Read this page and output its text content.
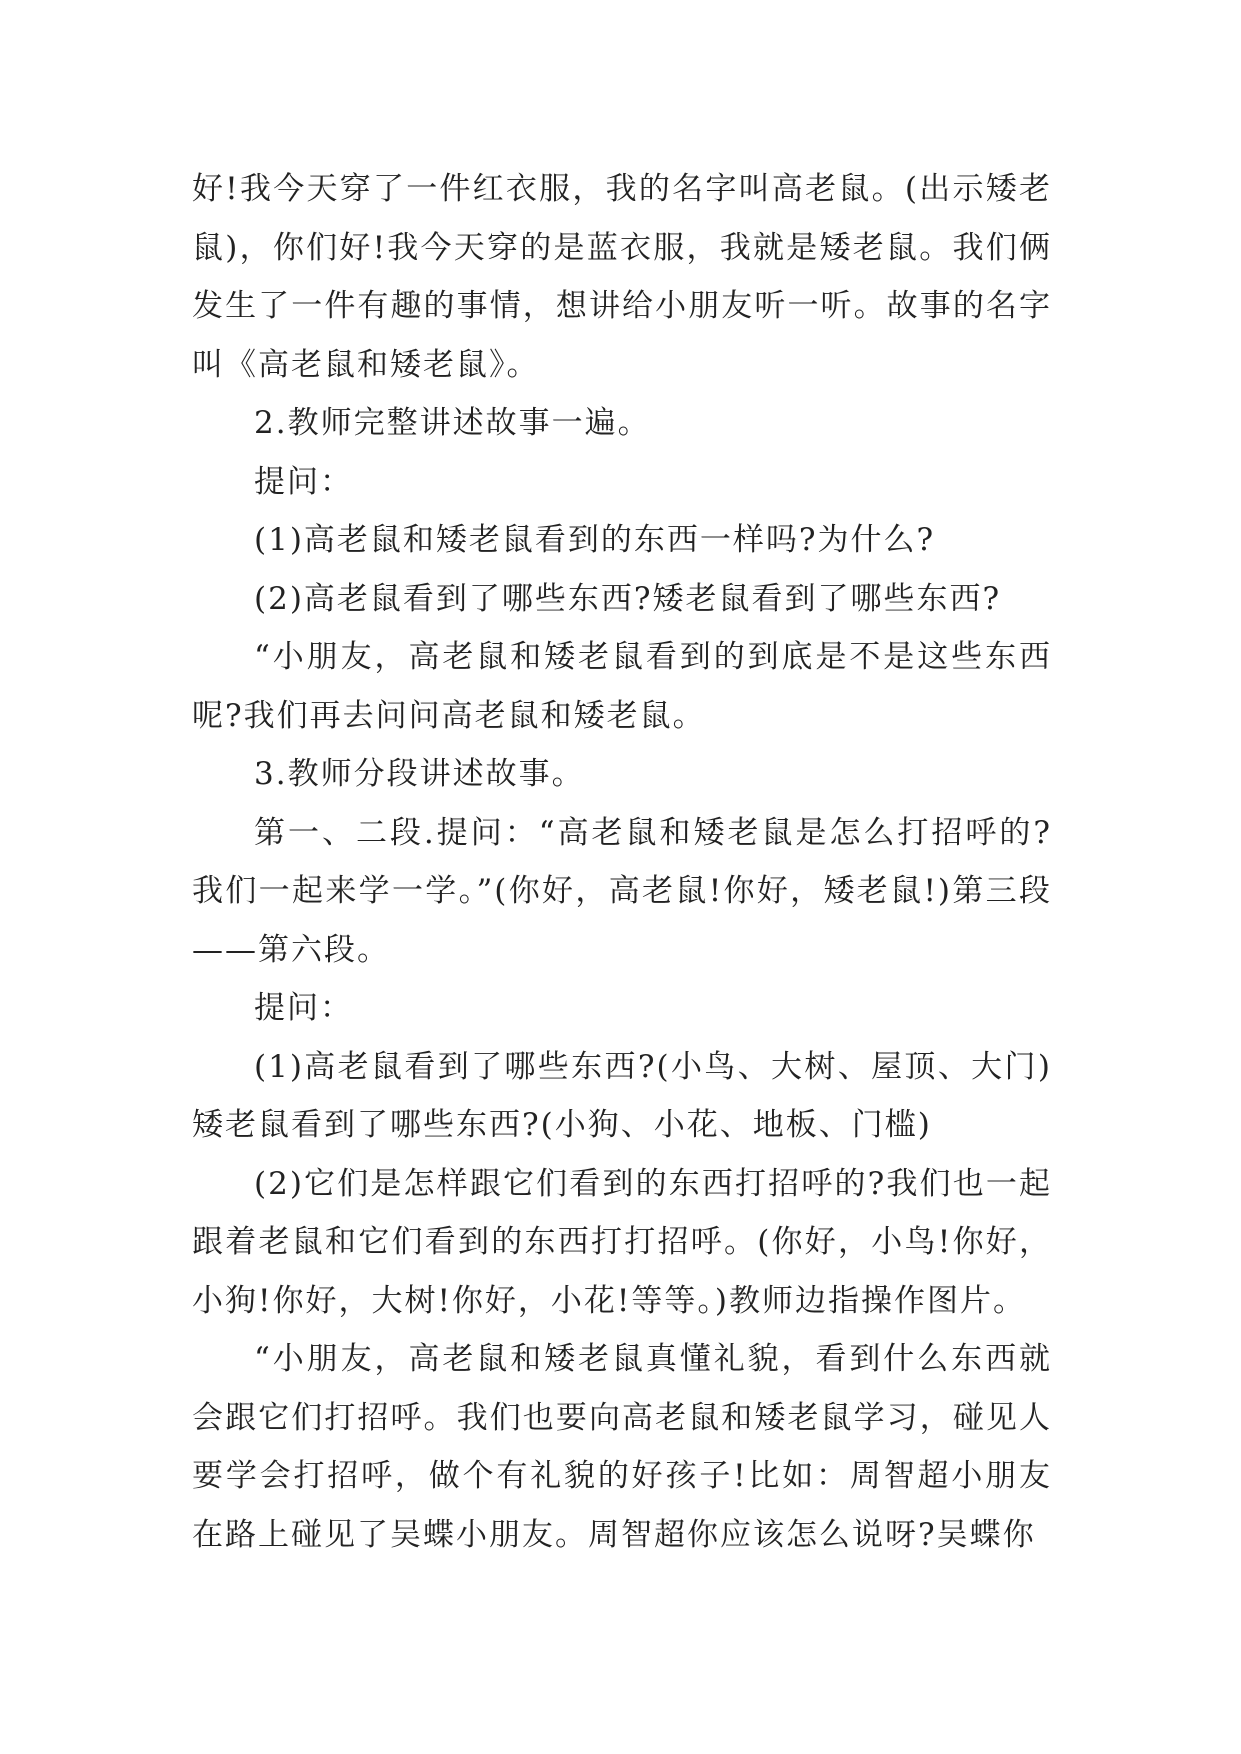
好!我今天穿了一件红衣服，我的名字叫高老鼠。(出示矮老鼠)，你们好!我今天穿的是蓝衣服，我就是矮老鼠。我们俩发生了一件有趣的事情，想讲给小朋友听一听。故事的名字叫《高老鼠和矮老鼠》。

2.教师完整讲述故事一遍。

提问：

(1)高老鼠和矮老鼠看到的东西一样吗?为什么?

(2)高老鼠看到了哪些东西?矮老鼠看到了哪些东西?

“小朋友，高老鼠和矮老鼠看到的到底是不是这些东西呢?我们再去问问高老鼠和矮老鼠。

3.教师分段讲述故事。

第一、二段.提问：“高老鼠和矮老鼠是怎么打招呼的?我们一起来学一学。”(你好，高老鼠!你好，矮老鼠!)第三段——第六段。

提问：

(1)高老鼠看到了哪些东西?(小鸟、大树、屋顶、大门)矮老鼠看到了哪些东西?(小狗、小花、地板、门槛)

(2)它们是怎样跟它们看到的东西打招呼的?我们也一起跟着老鼠和它们看到的东西打打招呼。(你好，小鸟!你好，小狗!你好，大树!你好，小花!等等。)教师边指操作图片。

“小朋友，高老鼠和矮老鼠真懂礼貌，看到什么东西就会跟它们打招呼。我们也要向高老鼠和矮老鼠学习，碰见人要学会打招呼，做个有礼貌的好孩子!比如：周智超小朋友在路上碰见了吴蝶小朋友。周智超你应该怎么说呀?吴蝶你
